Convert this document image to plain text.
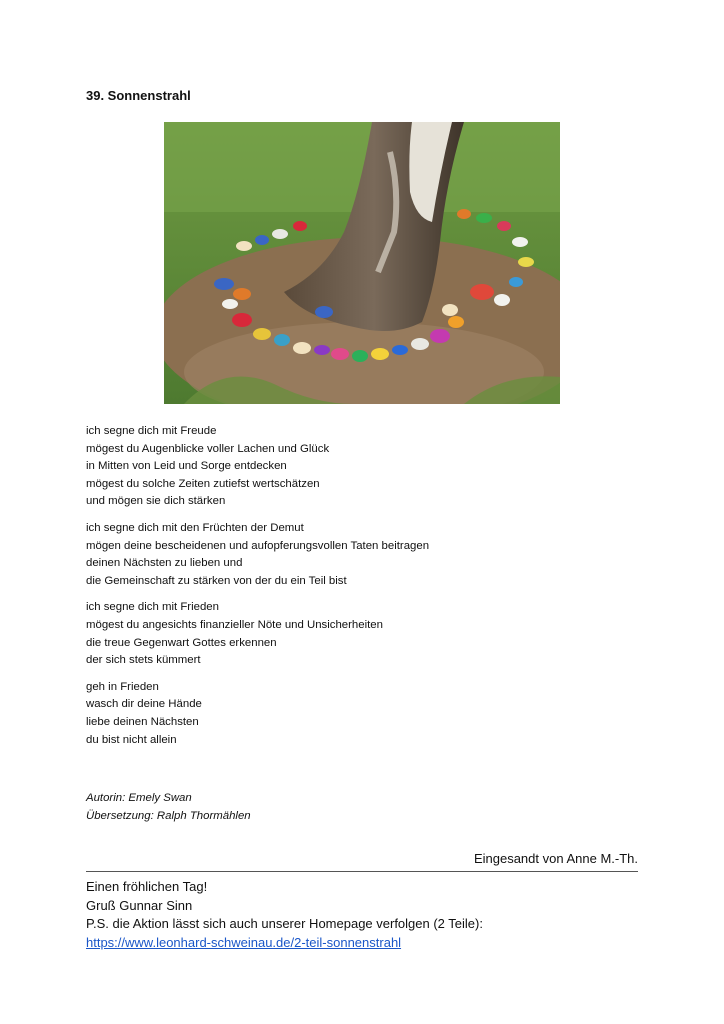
39. Sonnenstrahl
ich segne dich mit Freude
mögest du Augenblicke voller Lachen und Glück
in Mitten von Leid und Sorge entdecken
mögest du solche Zeiten zutiefst wertschätzen
und mögen sie dich stärken
ich segne dich mit den Früchten der Demut
mögen deine bescheidenen und aufopferungsvollen Taten beitragen
deinen Nächsten zu lieben und
die Gemeinschaft zu stärken von der du ein Teil bist
ich segne dich mit Frieden
mögest du angesichts finanzieller Nöte und Unsicherheiten
die treue Gegenwart Gottes erkennen
der sich stets kümmert
geh in Frieden
wasch dir deine Hände
liebe deinen Nächsten
du bist nicht allein
Autorin: Emely Swan
Übersetzung: Ralph Thormählen
Eingesandt von Anne M.-Th.
Einen fröhlichen Tag!
Gruß Gunnar Sinn
P.S. die Aktion lässt sich auch unserer Homepage verfolgen (2 Teile):
https://www.leonhard-schweinau.de/2-teil-sonnenstrahl
